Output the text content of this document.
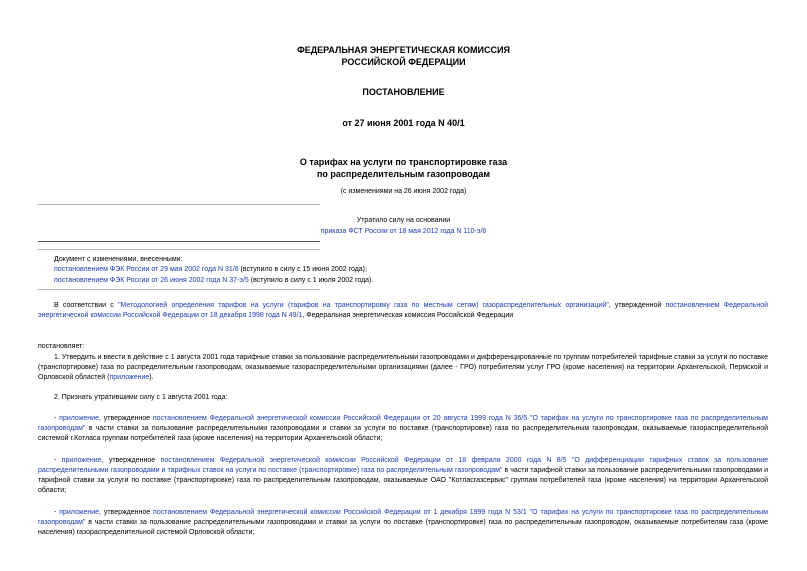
ФЕДЕРАЛЬНАЯ ЭНЕРГЕТИЧЕСКАЯ КОМИССИЯ
РОССИЙСКОЙ ФЕДЕРАЦИИ
ПОСТАНОВЛЕНИЕ
от 27 июня 2001 года N 40/1
О тарифах на услуги по транспортировке газа
по распределительным газопроводам
(с изменениями на 26 июня 2002 года)
Утратило силу на основании
приказа ФСТ России от 18 мая 2012 года N 110-э/6
Документ с изменениями, внесенными:
постановлением ФЭК России от 29 мая 2002 года N 31/6 (вступило в силу с 15 июня 2002 года);
постановлением ФЭК России от 26 июня 2002 года N 37-э/5 (вступило в силу с 1 июля 2002 года).
В соответствии с "Методологией определения тарифов на услуги (тарифов на транспортировку газа по местным сетям) газораспределительных организаций", утвержденной постановлением Федеральной энергетической комиссии Российской Федерации от 18 декабря 1998 года N 49/1, Федеральная энергетическая комиссия Российской Федерации
постановляет:
1. Утвердить и ввести в действие с 1 августа 2001 года тарифные ставки за пользование распределительными газопроводами и дифференцированные по группам потребителей тарифные ставки за услуги по поставке (транспортировке) газа по распределительным газопроводам, оказываемые газораспределительными организациями (далее - ГРО) потребителям услуг ГРО (кроме населения) на территории Архангельской, Пермской и Орловской областей (приложение).
2. Признать утратившими силу с 1 августа 2001 года:
- приложение, утвержденное постановлением Федеральной энергетической комиссии Российской Федерации от 20 августа 1999 года N 36/5 "О тарифах на услуги по транспортировке газа по распределительным газопроводам" в части ставки за пользование распределительными газопроводами и ставки за услуги по поставке (транспортировке) газа по распределительным газопроводам, оказываемые газораспределительной системой г.Котласа группам потребителей газа (кроме населения) на территории Архангельской области;
- приложение, утвержденное постановлением Федеральной энергетической комиссии Российской Федерации от 18 февраля 2000 года N 8/5 "О дифференциации тарифных ставок за пользование распределительными газопроводами и тарифных ставок на услуги по поставке (транспортировке) газа по распределительным газопроводам" в части тарифной ставки за пользование распределительными газопроводами и тарифной ставки за услуги по поставке (транспортировке) газа по распределительным газопроводам, оказываемые ОАО "Котласгазсервис" группам потребителей газа (кроме населения) на территории Архангельской области;
- приложение, утвержденное постановлением Федеральной энергетической комиссии Российской Федерации от 1 декабря 1999 года N 53/1 "О тарифах на услуги по транспортировке газа по распределительным газопроводам" в части ставки за пользование распределительными газопроводами и ставки за услуги по поставке (транспортировке) газа по распределительным газопроводом, оказываемые потребителям газа (кроме населения) газораспределительной системой Орловской области;
